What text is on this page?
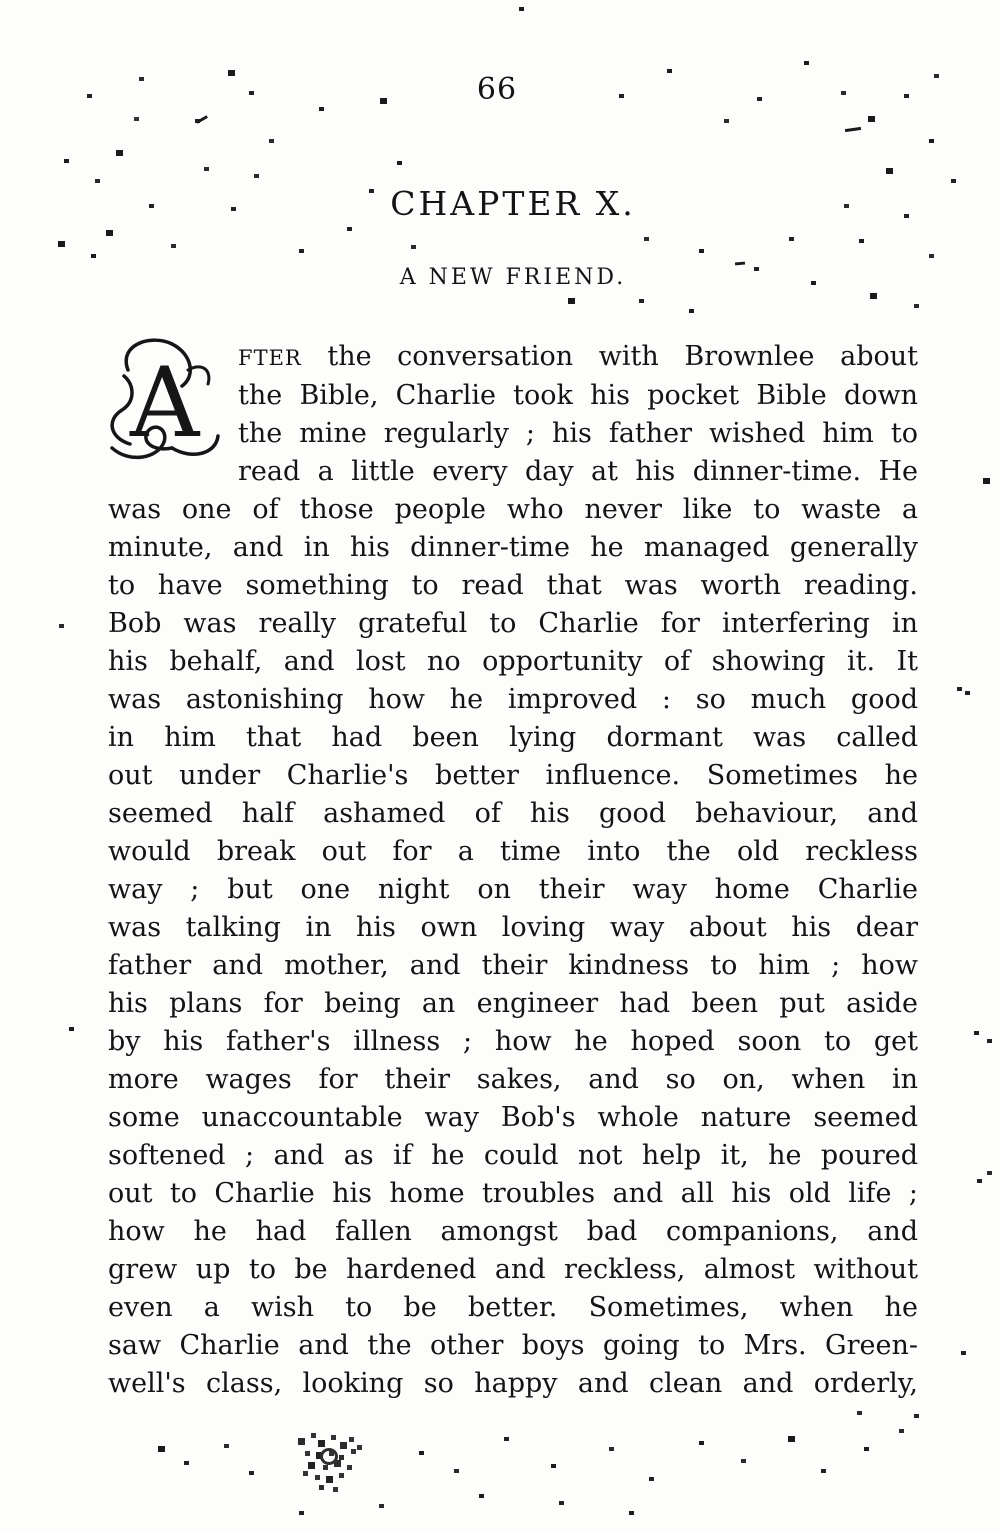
66
CHAPTER X.
A NEW FRIEND.
A	FTER the conversation with Brownlee about
the Bible, Charlie took his pocket Bible down
the mine regularly ; his father wished him to
read a little every day at his dinner-time. He
was one of those people who never like to waste a
minute, and in his dinner-time he managed generally
to have something to read that was worth reading.
Bob was really grateful to Charlie for interfering in
his behalf, and lost no opportunity of showing it. It
was astonishing how he improved : so much good
in him that had been lying dormant was called
out under Charlie's better influence. Sometimes he
seemed half ashamed of his good behaviour, and
would break out for a time into the old reckless
way ; but one night on their way home Charlie
was talking in his own loving way about his dear
father and mother, and their kindness to him ; how
his plans for being an engineer had been put aside
by his father's illness ; how he hoped soon to get
more wages for their sakes, and so on, when in
some unaccountable way Bob's whole nature seemed
softened ; and as if he could not help it, he poured
out to Charlie his home troubles and all his old life ;
how he had fallen amongst bad companions, and
grew up to be hardened and reckless, almost without
even a wish to be better. Sometimes, when he
saw Charlie and the other boys going to Mrs. Green-
well's class, looking so happy and clean and orderly,
